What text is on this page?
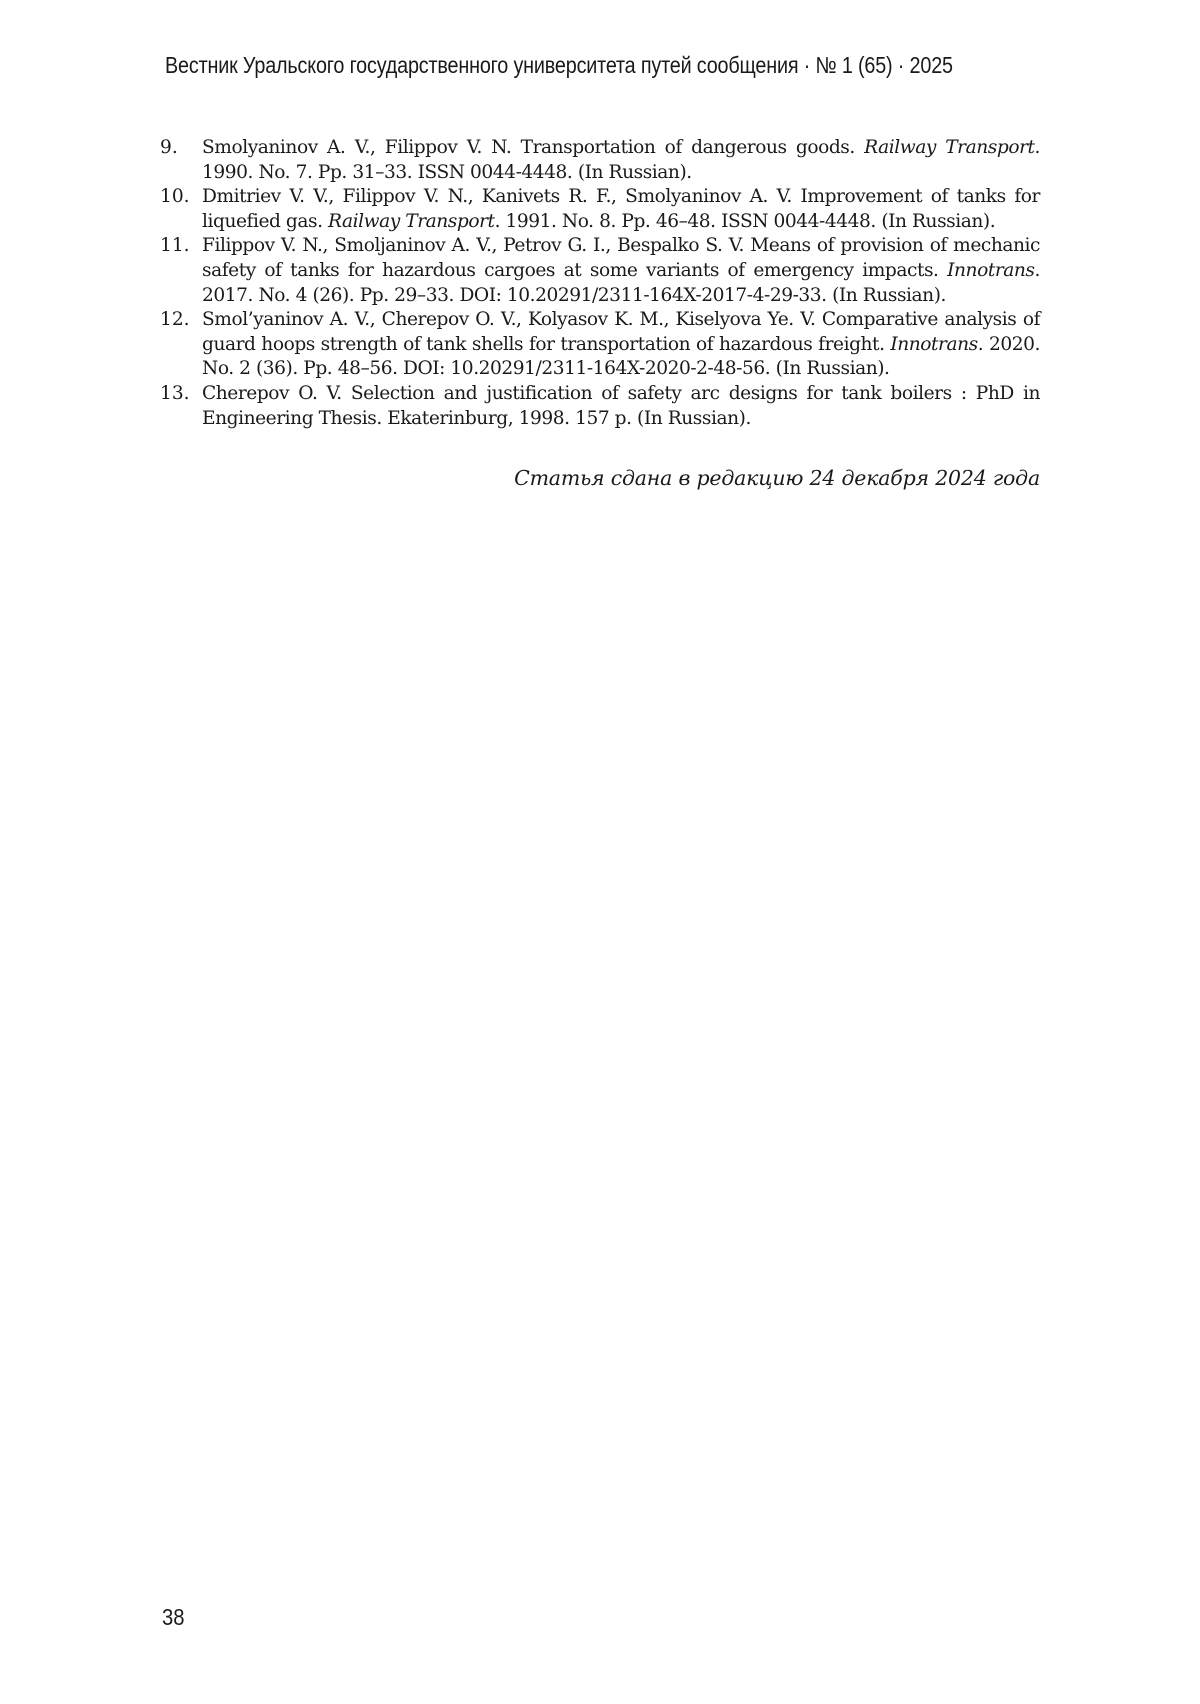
Вестник Уральского государственного университета путей сообщения · № 1 (65) · 2025
9.	Smolyaninov A. V., Filippov V. N. Transportation of dangerous goods. Railway Transport. 1990. No. 7. Pp. 31–33. ISSN 0044-4448. (In Russian).
10. Dmitriev V. V., Filippov V. N., Kanivets R. F., Smolyaninov A. V. Improvement of tanks for liquefied gas. Railway Transport. 1991. No. 8. Pp. 46–48. ISSN 0044-4448. (In Russian).
11. Filippov V. N., Smoljaninov A. V., Petrov G. I., Bespalko S. V. Means of provision of mechanic safety of tanks for hazardous cargoes at some variants of emergency impacts. Innotrans. 2017. No. 4 (26). Pp. 29–33. DOI: 10.20291/2311-164X-2017-4-29-33. (In Russian).
12. Smol’yaninov A. V., Cherepov O. V., Kolyasov K. M., Kiselyova Ye. V. Comparative analysis of guard hoops strength of tank shells for transportation of hazardous freight. Innotrans. 2020. No. 2 (36). Pp. 48–56. DOI: 10.20291/2311-164X-2020-2-48-56. (In Russian).
13. Cherepov O. V. Selection and justification of safety arc designs for tank boilers : PhD in Engineering Thesis. Ekaterinburg, 1998. 157 p. (In Russian).
Статья сдана в редакцию 24 декабря 2024 года
38
